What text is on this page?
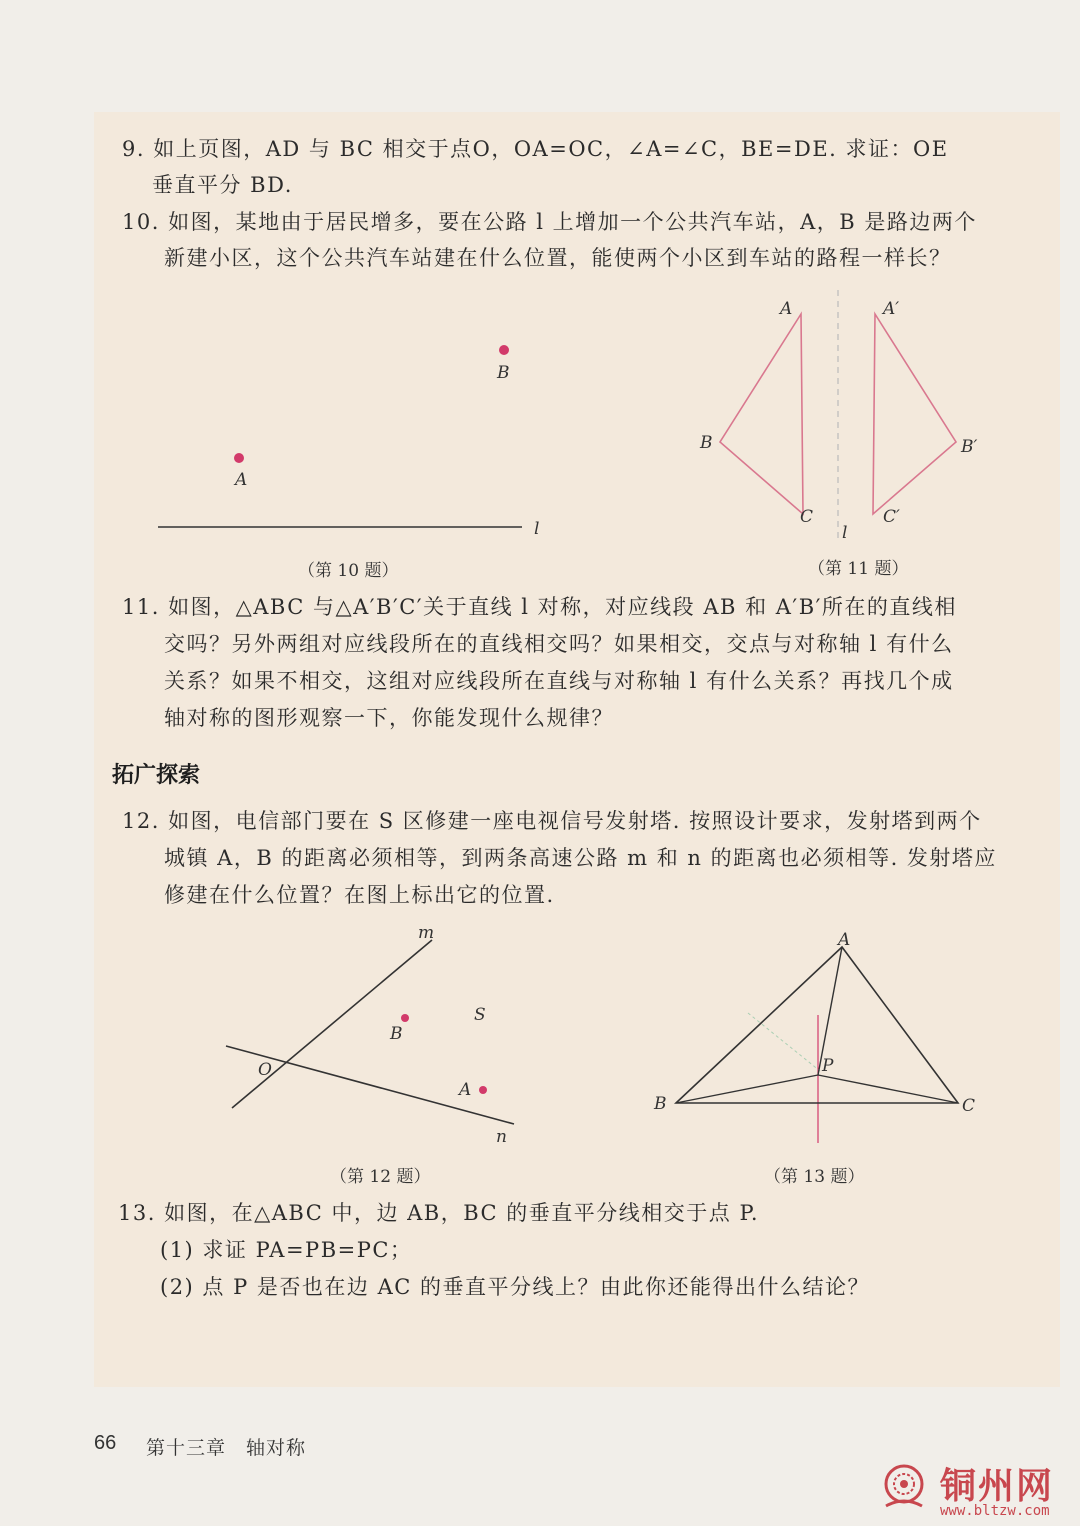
9. 如上页图，AD 与 BC 相交于点O，OA=OC，∠A=∠C，BE=DE. 求证：OE
垂直平分 BD.
10. 如图，某地由于居民增多，要在公路 l 上增加一个公共汽车站，A，B 是路边两个
新建小区，这个公共汽车站建在什么位置，能使两个小区到车站的路程一样长？
B
A
l
（第 10 题）
A
B
C
A′
B′
C′
l
（第 11 题）
11. 如图，△ABC 与△A′B′C′关于直线 l 对称，对应线段 AB 和 A′B′所在的直线相
交吗？另外两组对应线段所在的直线相交吗？如果相交，交点与对称轴 l 有什么
关系？如果不相交，这组对应线段所在直线与对称轴 l 有什么关系？再找几个成
轴对称的图形观察一下，你能发现什么规律？
拓广探索
12. 如图，电信部门要在 S 区修建一座电视信号发射塔. 按照设计要求，发射塔到两个
城镇 A，B 的距离必须相等，到两条高速公路 m 和 n 的距离也必须相等. 发射塔应
修建在什么位置？在图上标出它的位置.
m
n
O
B
S
A
（第 12 题）
A
B	C
P
（第 13 题）
13. 如图，在△ABC 中，边 AB，BC 的垂直平分线相交于点 P.
(1) 求证 PA=PB=PC；
(2) 点 P 是否也在边 AC 的垂直平分线上？由此你还能得出什么结论？
66 第十三章　轴对称
铜州网
www.bltzw.com
